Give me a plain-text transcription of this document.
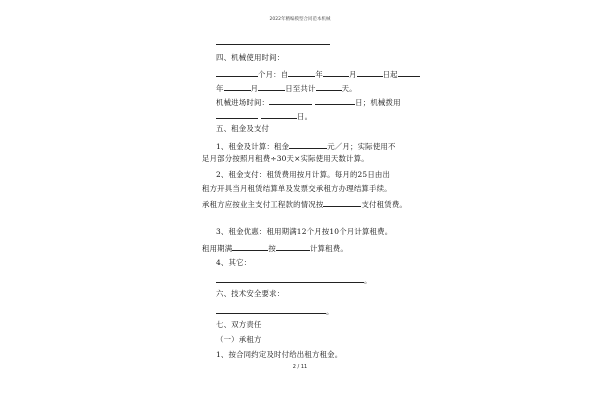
2022年精编模型合同范本机械
四、机械使用时间：
个月：自	年	月	日起
年	月	日至共计	天。
机械进场时间：	日；机械拨用
日。
五、租金及支付
1、租金及计算：租金	元／月；实际使用不
足月部分按照月租费÷30天×实际使用天数计算。
2、租金支付：租赁费用按月计算。每月的25日由出
租方开具当月租赁结算单及发票交承租方办理结算手续。
承租方应按业主支付工程款的情况按	支付租赁费。
3、租金优惠：租用期满12个月按10个月计算租费。
租用期满	按	计算租费。
4、其它：
。
六、技术安全要求：
。
七、双方责任
（一）承租方
1、按合同约定及时付给出租方租金。
2 / 11
